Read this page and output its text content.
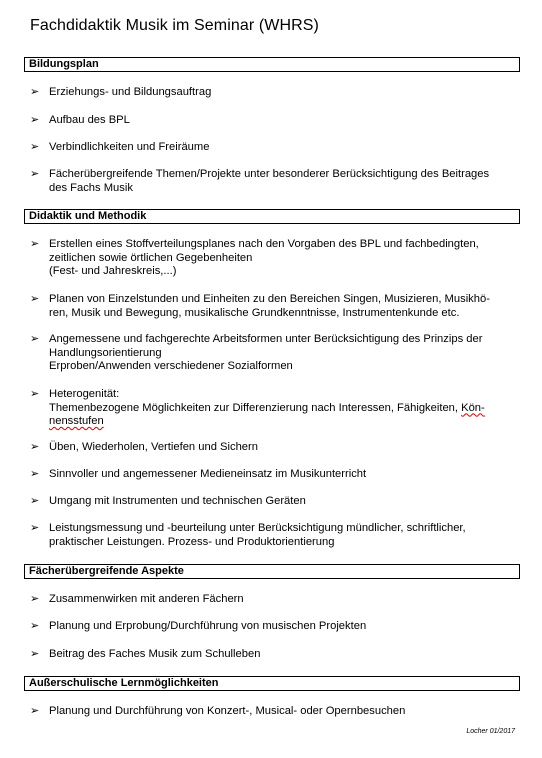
Fachdidaktik Musik im Seminar (WHRS)
Bildungsplan
➢ Erziehungs- und Bildungsauftrag
➢ Aufbau des BPL
➢ Verbindlichkeiten und Freiräume
➢ Fächerübergreifende Themen/Projekte unter besonderer Berücksichtigung des Beitrages
des Fachs Musik
Didaktik und Methodik
➢ Erstellen eines Stoffverteilungsplanes nach den Vorgaben des BPL und fachbedingten,
zeitlichen sowie örtlichen Gegebenheiten
(Fest- und Jahreskreis,...)
➢ Planen von Einzelstunden und Einheiten zu den Bereichen Singen, Musizieren, Musikhö-
ren, Musik und Bewegung, musikalische Grundkenntnisse, Instrumentenkunde etc.
➢ Angemessene und fachgerechte Arbeitsformen unter Berücksichtigung des Prinzips der
Handlungsorientierung
Erproben/Anwenden verschiedener Sozialformen
➢ Heterogenität:
Themenbezogene Möglichkeiten zur Differenzierung nach Interessen, Fähigkeiten, Kön-
nensstufen
➢ Üben, Wiederholen, Vertiefen und Sichern
➢ Sinnvoller und angemessener Medieneinsatz im Musikunterricht
➢ Umgang mit Instrumenten und technischen Geräten
➢ Leistungsmessung und -beurteilung unter Berücksichtigung mündlicher, schriftlicher,
praktischer Leistungen. Prozess- und Produktorientierung
Fächerübergreifende Aspekte
➢ Zusammenwirken mit anderen Fächern
➢ Planung und Erprobung/Durchführung von musischen Projekten
➢ Beitrag des Faches Musik zum Schulleben
Außerschulische Lernmöglichkeiten
➢ Planung und Durchführung von Konzert-, Musical- oder Opernbesuchen
Locher 01/2017
